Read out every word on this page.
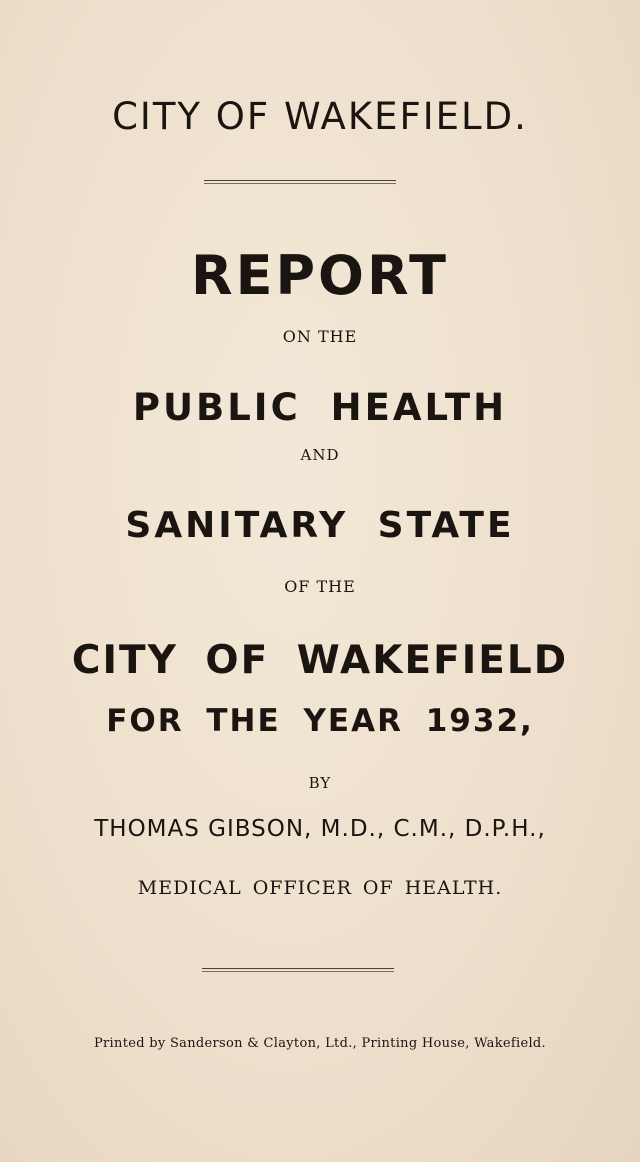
CITY OF WAKEFIELD.
REPORT
ON THE
PUBLIC HEALTH
AND
SANITARY STATE
OF THE
CITY OF WAKEFIELD
FOR THE YEAR 1932,
BY
THOMAS GIBSON, M.D., C.M., D.P.H.,
MEDICAL OFFICER OF HEALTH.
Printed by Sanderson & Clayton, Ltd., Printing House, Wakefield.
